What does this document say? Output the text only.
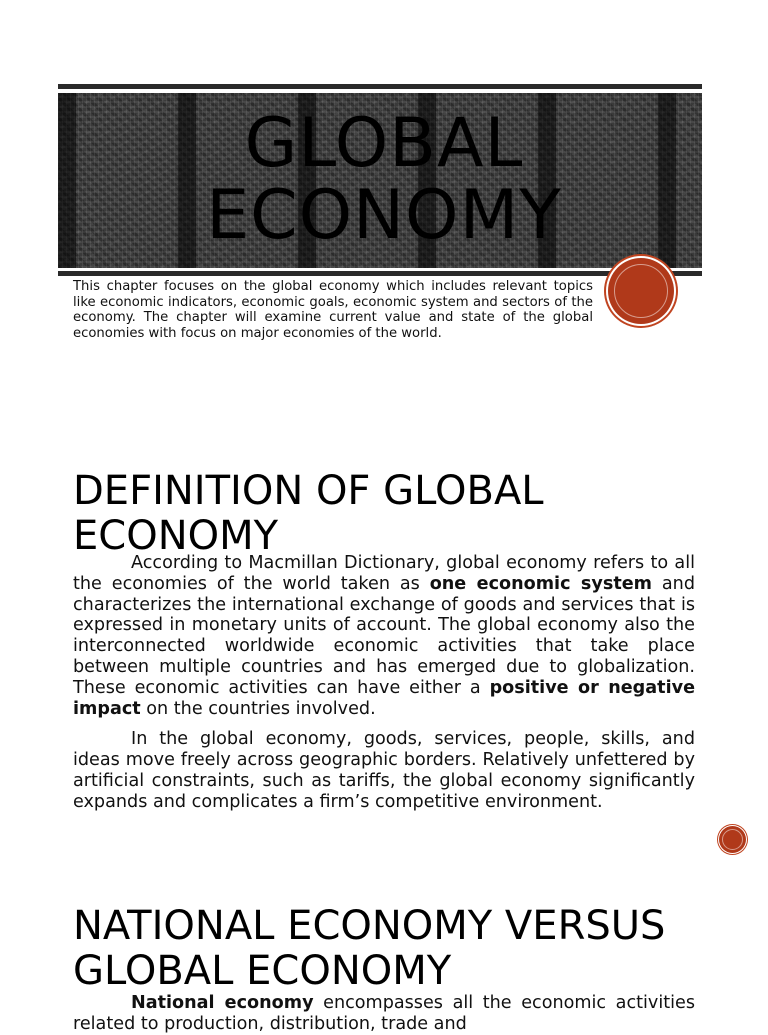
GLOBAL
ECONOMY

This chapter focuses on the global economy which includes relevant topics like economic indicators, economic goals, economic system and sectors of the economy. The chapter will examine current value and state of the global economies with focus on major economies of the world.

DEFINITION OF GLOBAL
ECONOMY

According to Macmillan Dictionary, global economy refers to all the economies of the world taken as one economic system and characterizes the international exchange of goods and services that is expressed in monetary units of account. The global economy also the interconnected worldwide economic activities that take place between multiple countries and has emerged due to globalization. These economic activities can have either a positive or negative impact on the countries involved.

In the global economy, goods, services, people, skills, and ideas move freely across geographic borders. Relatively unfettered by artificial constraints, such as tariffs, the global economy significantly expands and complicates a firm’s competitive environment.

NATIONAL ECONOMY VERSUS
GLOBAL ECONOMY

National economy encompasses all the economic activities related to production, distribution, trade and
